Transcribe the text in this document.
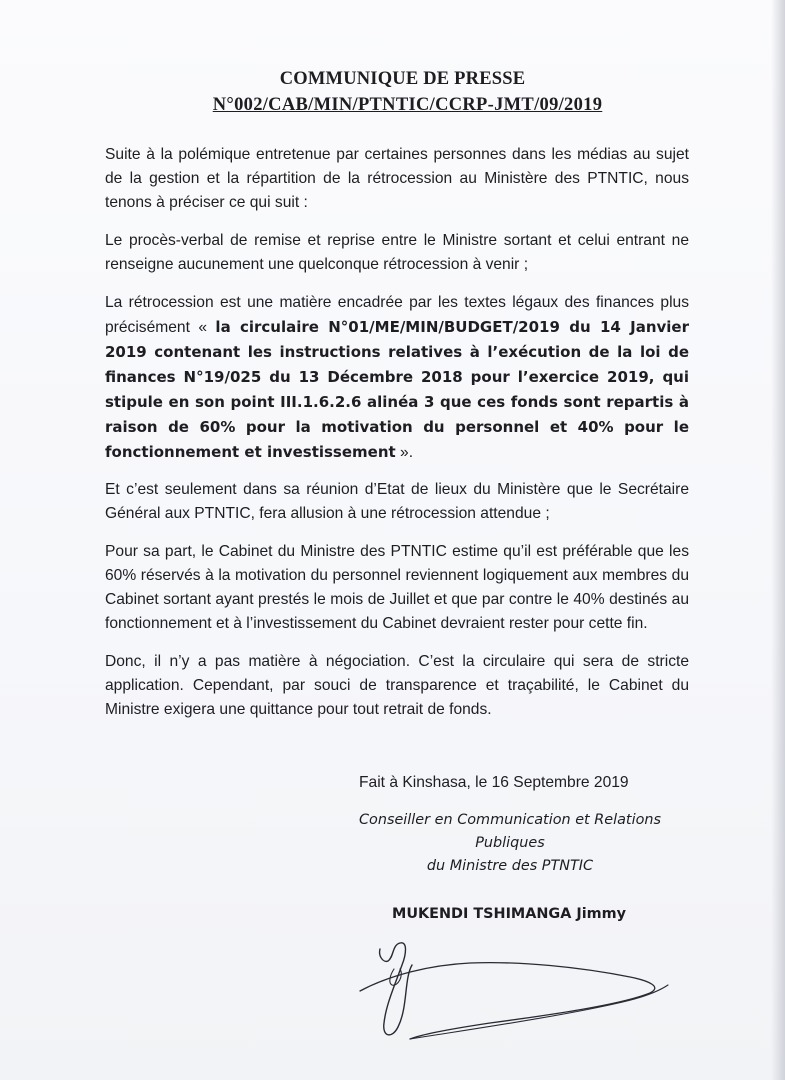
COMMUNIQUE DE PRESSE
N°002/CAB/MIN/PTNTIC/CCRP-JMT/09/2019

Suite à la polémique entretenue par certaines personnes dans les médias au sujet de la gestion et la répartition de la rétrocession au Ministère des PTNTIC, nous tenons à préciser ce qui suit :

Le procès-verbal de remise et reprise entre le Ministre sortant et celui entrant ne renseigne aucunement une quelconque rétrocession à venir ;

La rétrocession est une matière encadrée par les textes légaux des finances plus précisément « la circulaire N°01/ME/MIN/BUDGET/2019 du 14 Janvier 2019 contenant les instructions relatives à l’exécution de la loi de finances N°19/025 du 13 Décembre 2018 pour l’exercice 2019, qui stipule en son point III.1.6.2.6 alinéa 3 que ces fonds sont repartis à raison de 60% pour la motivation du personnel et 40% pour le fonctionnement et investissement ».

Et c’est seulement dans sa réunion d’Etat de lieux du Ministère que le Secrétaire Général aux PTNTIC, fera allusion à une rétrocession attendue ;

Pour sa part, le Cabinet du Ministre des PTNTIC estime qu’il est préférable que les 60% réservés à la motivation du personnel reviennent logiquement aux membres du Cabinet sortant ayant prestés le mois de Juillet et que par contre le 40% destinés au fonctionnement et à l’investissement du Cabinet devraient rester pour cette fin.

Donc, il n’y a pas matière à négociation. C’est la circulaire qui sera de stricte application. Cependant, par souci de transparence et traçabilité, le Cabinet du Ministre exigera une quittance pour tout retrait de fonds.

Fait à Kinshasa, le 16 Septembre 2019
Conseiller en Communication et Relations
Publiques
du Ministre des PTNTIC
MUKENDI TSHIMANGA Jimmy
